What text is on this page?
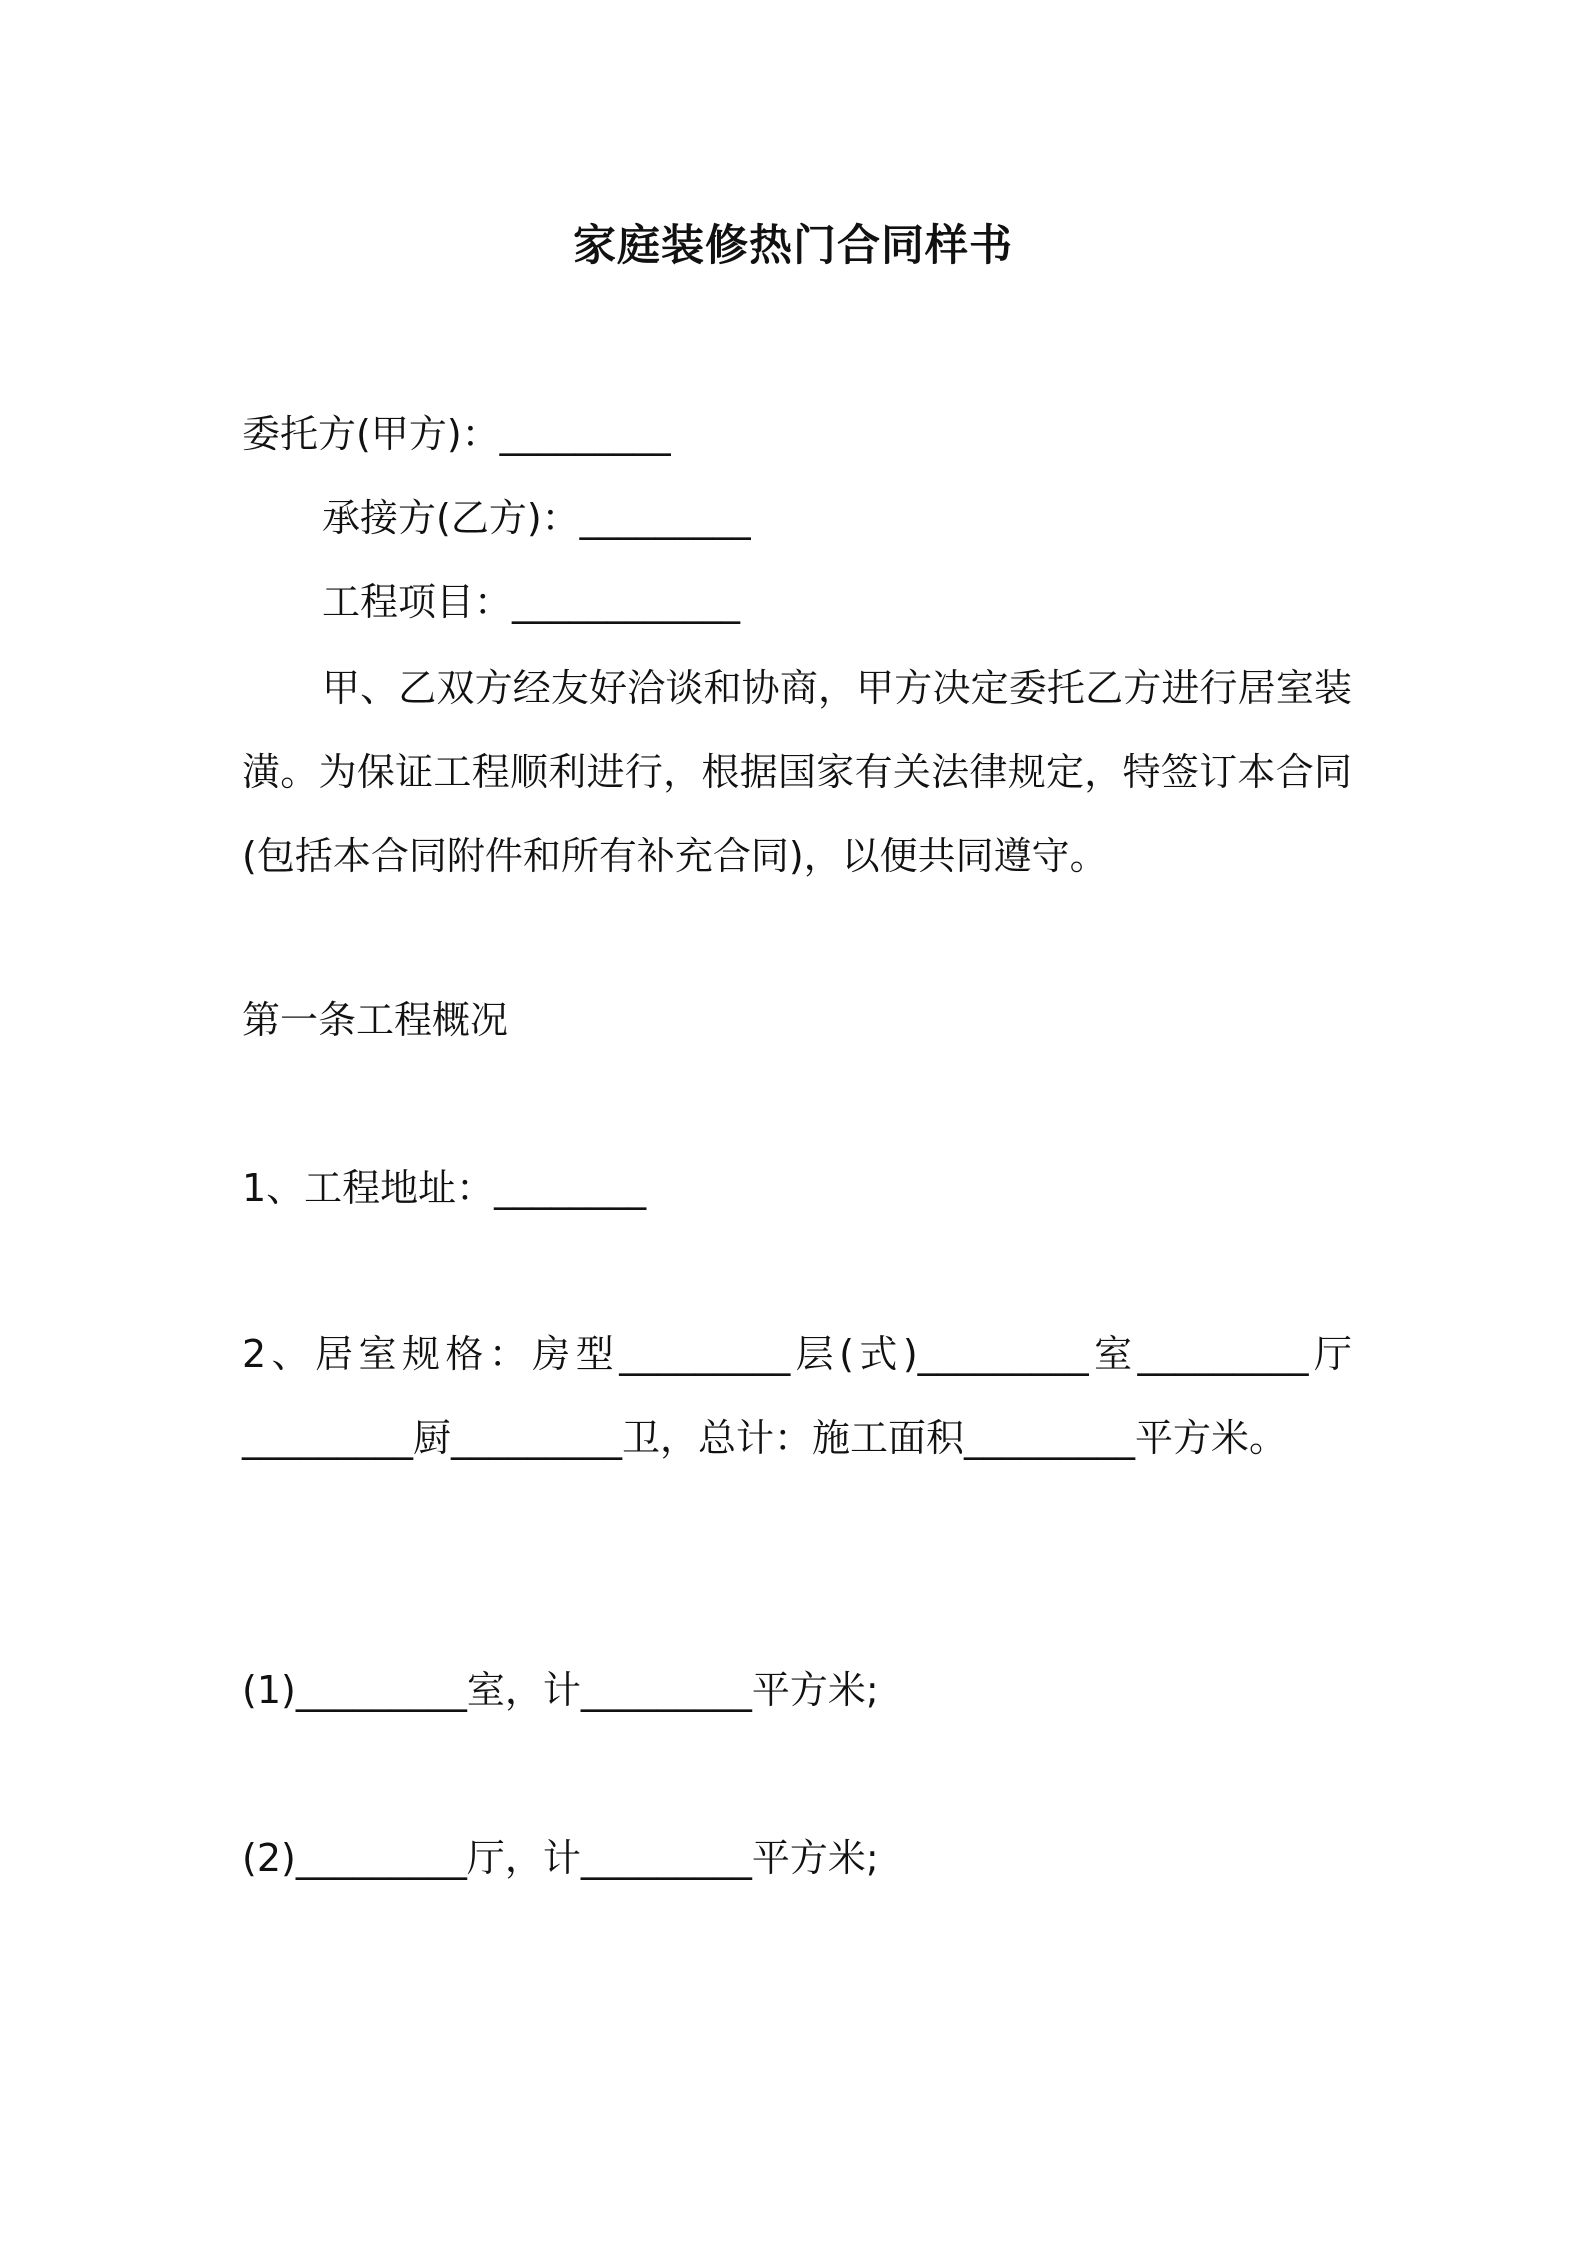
家庭装修热门合同样书
委托方(甲方)：_________
承接方(乙方)：_________
工程项目：____________

甲、乙双方经友好洽谈和协商，甲方决定委托乙方进行居室装潢。为保证工程顺利进行，根据国家有关法律规定，特签订本合同(包括本合同附件和所有补充合同)，以便共同遵守。

第一条工程概况
1、工程地址：________

2、居室规格：房型_________层(式)_________室_________厅_________厨_________卫，总计：施工面积_________平方米。

(1)_________室，计_________平方米;
(2)_________厅，计_________平方米;
